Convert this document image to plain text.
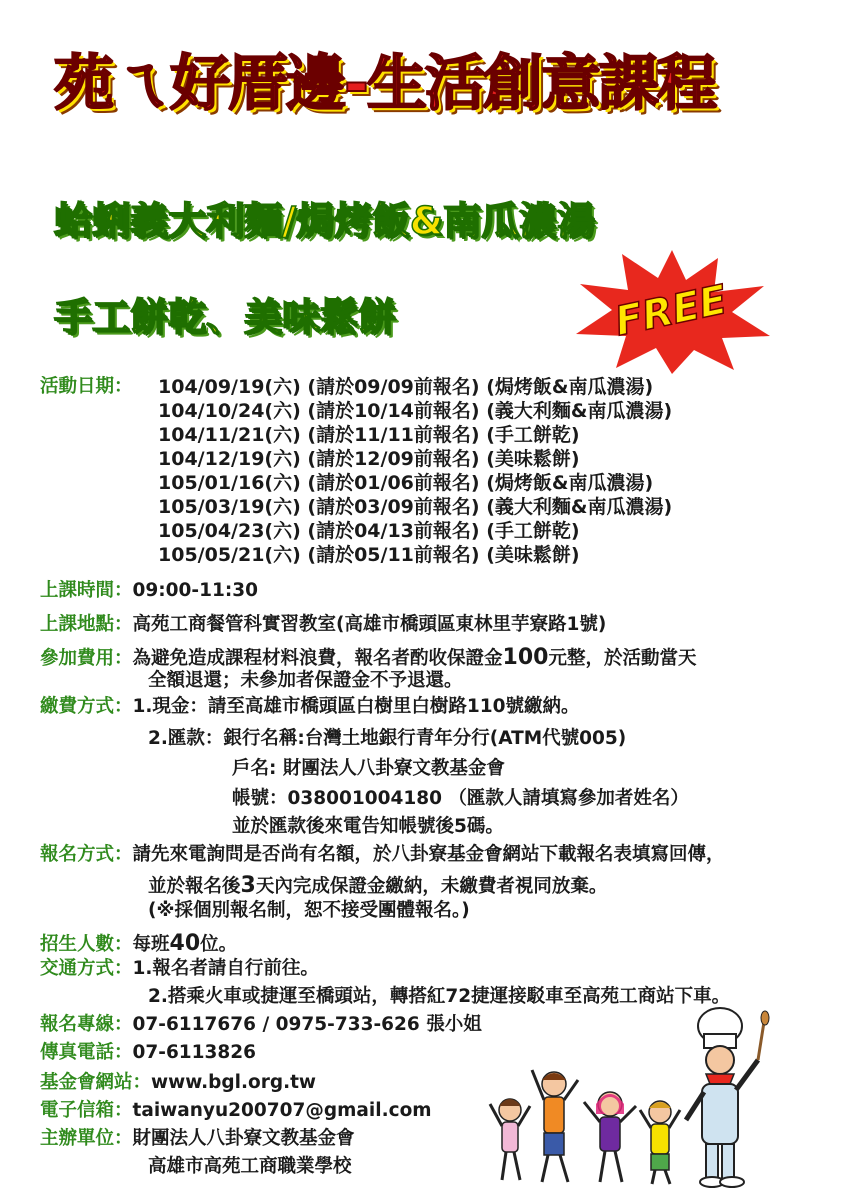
苑ㄟ好厝邊-生活創意課程
蛤蜊義大利麵/焗烤飯&南瓜濃湯
手工餅乾、美味鬆餅	FREE
活動日期： 104/09/19(六) (請於09/09前報名) (焗烤飯&南瓜濃湯)
104/10/24(六) (請於10/14前報名) (義大利麵&南瓜濃湯)
104/11/21(六) (請於11/11前報名) (手工餅乾)
104/12/19(六) (請於12/09前報名) (美味鬆餅)
105/01/16(六) (請於01/06前報名) (焗烤飯&南瓜濃湯)
105/03/19(六) (請於03/09前報名) (義大利麵&南瓜濃湯)
105/04/23(六) (請於04/13前報名) (手工餅乾)
105/05/21(六) (請於05/11前報名) (美味鬆餅)
上課時間：09:00-11:30
上課地點：高苑工商餐管科實習教室(高雄市橋頭區東林里芋寮路1號)
參加費用：為避免造成課程材料浪費，報名者酌收保證金100元整，於活動當天
全額退還；未參加者保證金不予退還。
繳費方式：1.現金：請至高雄市橋頭區白樹里白樹路110號繳納。
2.匯款：銀行名稱:台灣土地銀行青年分行(ATM代號005)
戶名: 財團法人八卦寮文教基金會
帳號：038001004180 （匯款人請填寫參加者姓名）
並於匯款後來電告知帳號後5碼。
報名方式：請先來電詢問是否尚有名額，於八卦寮基金會網站下載報名表填寫回傳，
並於報名後3天內完成保證金繳納，未繳費者視同放棄。
(※採個別報名制，恕不接受團體報名。)
招生人數：每班40位。
交通方式：1.報名者請自行前往。
2.搭乘火車或捷運至橋頭站，轉搭紅72捷運接駁車至高苑工商站下車。
報名專線：07-6117676 / 0975-733-626 張小姐
傳真電話：07-6113826
基金會網站：www.bgl.org.tw
電子信箱：taiwanyu200707@gmail.com
主辦單位：財團法人八卦寮文教基金會
高雄市高苑工商職業學校
